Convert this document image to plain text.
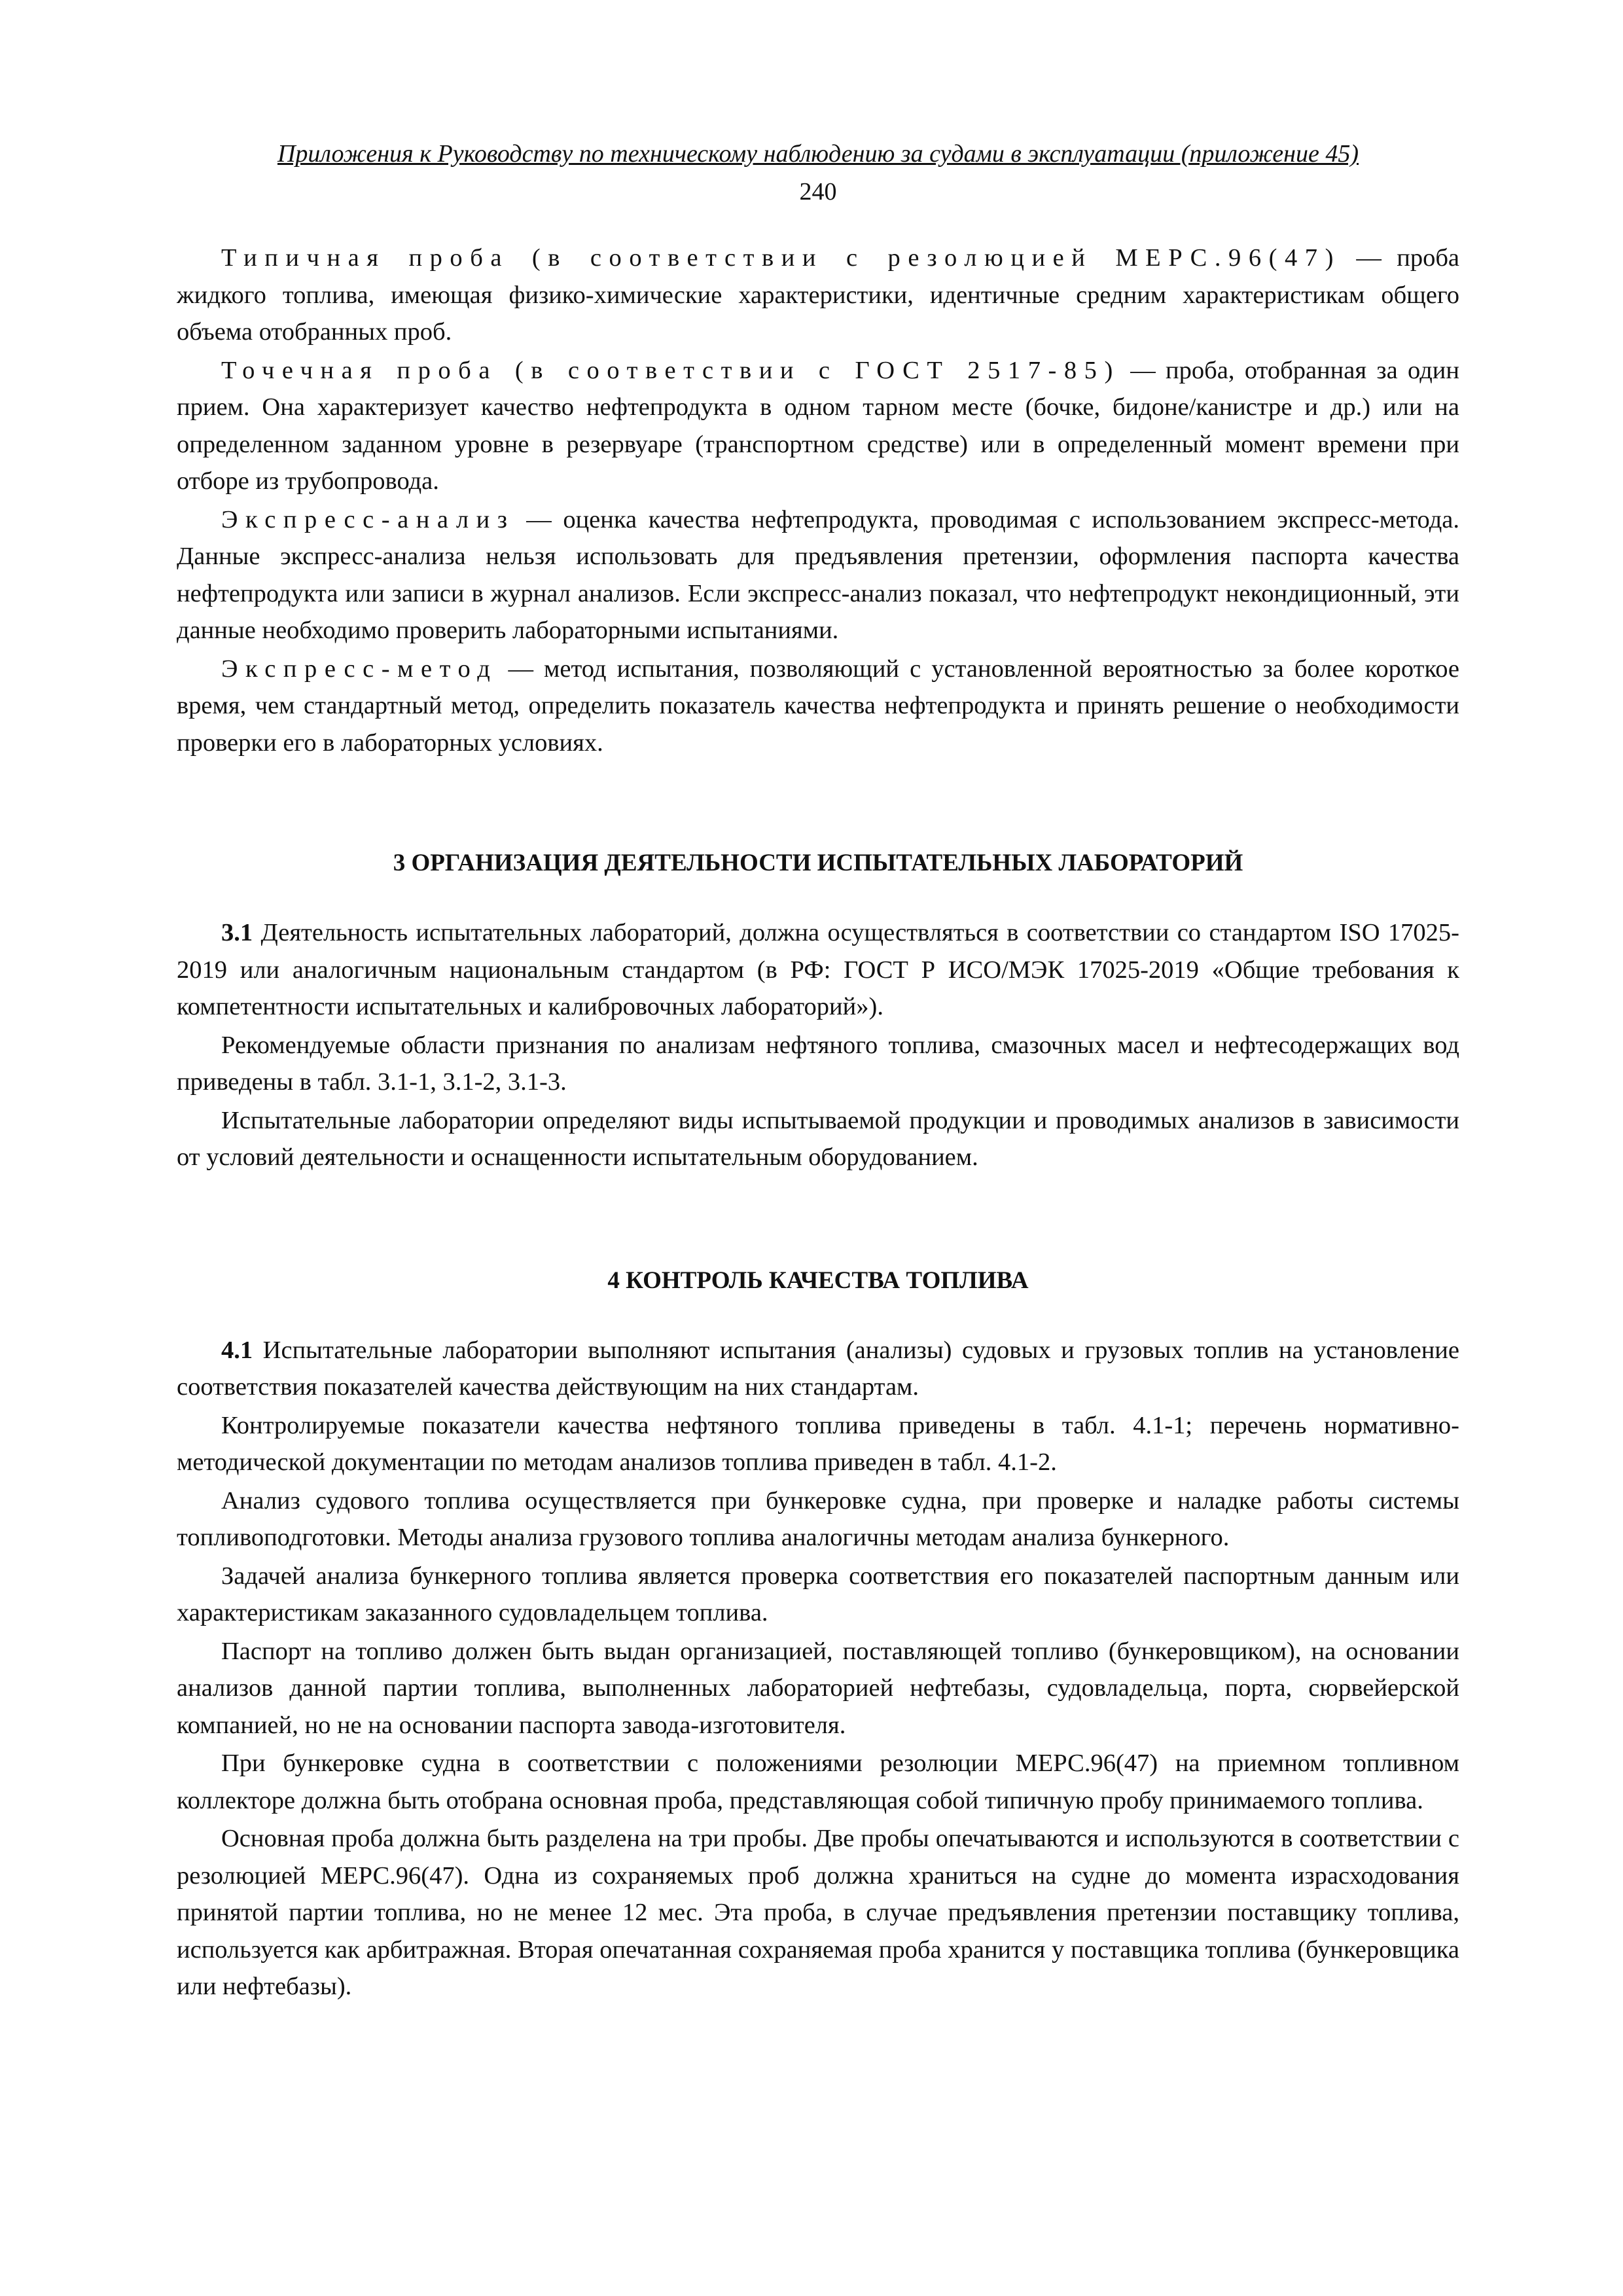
Приложения к Руководству по техническому наблюдению за судами в эксплуатации (приложение 45)

240

Типичная проба (в соответствии с резолюцией МЕРС.96(47) — проба жидкого топлива, имеющая физико-химические характеристики, идентичные средним характеристикам общего объема отобранных проб.

Точечная проба (в соответствии с ГОСТ 2517-85) — проба, отобранная за один прием. Она характеризует качество нефтепродукта в одном тарном месте (бочке, бидоне/канистре и др.) или на определенном заданном уровне в резервуаре (транспортном средстве) или в определенный момент времени при отборе из трубопровода.

Экспресс-анализ — оценка качества нефтепродукта, проводимая с использованием экспресс-метода. Данные экспресс-анализа нельзя использовать для предъявления претензии, оформления паспорта качества нефтепродукта или записи в журнал анализов. Если экспресс-анализ показал, что нефтепродукт некондиционный, эти данные необходимо проверить лабораторными испытаниями.

Экспресс-метод — метод испытания, позволяющий с установленной вероятностью за более короткое время, чем стандартный метод, определить показатель качества нефтепродукта и принять решение о необходимости проверки его в лабораторных условиях.

3 ОРГАНИЗАЦИЯ ДЕЯТЕЛЬНОСТИ ИСПЫТАТЕЛЬНЫХ ЛАБОРАТОРИЙ

3.1 Деятельность испытательных лабораторий, должна осуществляться в соответствии со стандартом ISO 17025-2019 или аналогичным национальным стандартом (в РФ: ГОСТ Р ИСО/МЭК 17025-2019 «Общие требования к компетентности испытательных и калибровочных лабораторий»).

Рекомендуемые области признания по анализам нефтяного топлива, смазочных масел и нефтесодержащих вод приведены в табл. 3.1-1, 3.1-2, 3.1-3.

Испытательные лаборатории определяют виды испытываемой продукции и проводимых анализов в зависимости от условий деятельности и оснащенности испытательным оборудованием.

4 КОНТРОЛЬ КАЧЕСТВА ТОПЛИВА

4.1 Испытательные лаборатории выполняют испытания (анализы) судовых и грузовых топлив на установление соответствия показателей качества действующим на них стандартам.

Контролируемые показатели качества нефтяного топлива приведены в табл. 4.1-1; перечень нормативно-методической документации по методам анализов топлива приведен в табл. 4.1-2.

Анализ судового топлива осуществляется при бункеровке судна, при проверке и наладке работы системы топливоподготовки. Методы анализа грузового топлива аналогичны методам анализа бункерного.

Задачей анализа бункерного топлива является проверка соответствия его показателей паспортным данным или характеристикам заказанного судовладельцем топлива.

Паспорт на топливо должен быть выдан организацией, поставляющей топливо (бункеровщиком), на основании анализов данной партии топлива, выполненных лабораторией нефтебазы, судовладельца, порта, сюрвейерской компанией, но не на основании паспорта завода-изготовителя.

При бункеровке судна в соответствии с положениями резолюции МЕРС.96(47) на приемном топливном коллекторе должна быть отобрана основная проба, представляющая собой типичную пробу принимаемого топлива.

Основная проба должна быть разделена на три пробы. Две пробы опечатываются и используются в соответствии с резолюцией МЕРС.96(47). Одна из сохраняемых проб должна храниться на судне до момента израсходования принятой партии топлива, но не менее 12 мес. Эта проба, в случае предъявления претензии поставщику топлива, используется как арбитражная. Вторая опечатанная сохраняемая проба хранится у поставщика топлива (бункеровщика или нефтебазы).
